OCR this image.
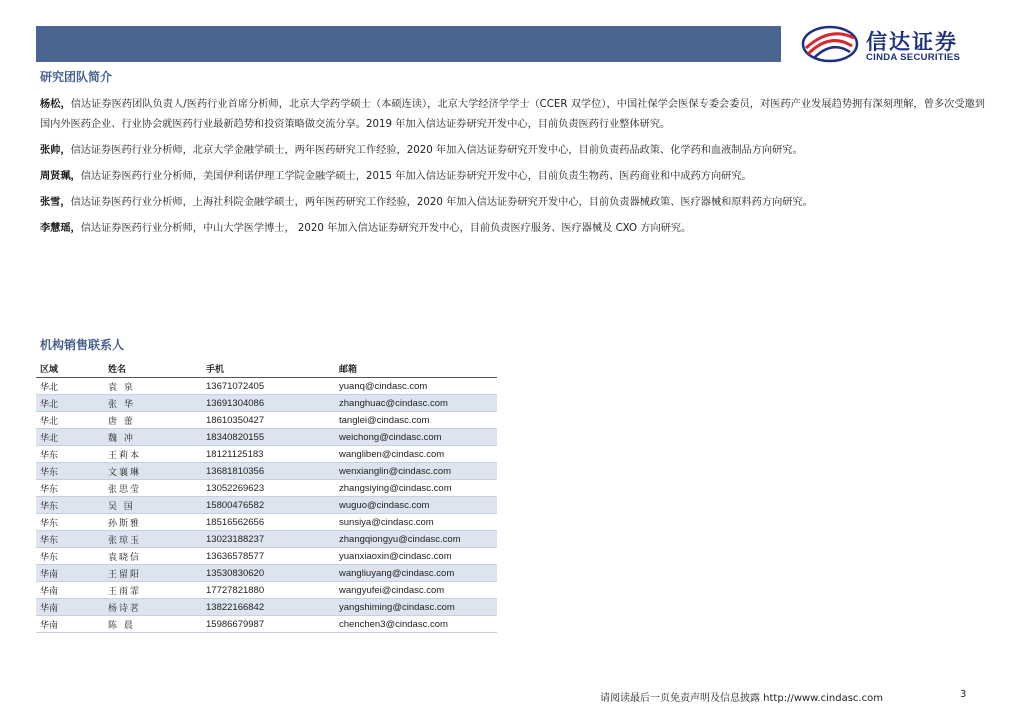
信达证券
CINDA SECURITIES
研究团队简介
杨松，信达证券医药团队负责人/医药行业首席分析师，北京大学药学硕士（本硕连读），北京大学经济学学士（CCER 双学位），中国社保学会医保专委会委员，对医药产业发展趋势拥有深刻理解，曾多次受邀到国内外医药企业、行业协会就医药行业最新趋势和投资策略做交流分享。2019 年加入信达证券研究开发中心，目前负责医药行业整体研究。
张帅，信达证券医药行业分析师，北京大学金融学硕士，两年医药研究工作经验，2020 年加入信达证券研究开发中心，目前负责药品政策、化学药和血液制品方向研究。
周贤珮，信达证券医药行业分析师，美国伊利诺伊理工学院金融学硕士，2015 年加入信达证券研究开发中心，目前负责生物药、医药商业和中成药方向研究。
张雪，信达证券医药行业分析师，上海社科院金融学硕士，两年医药研究工作经验，2020 年加入信达证券研究开发中心，目前负责器械政策、医疗器械和原料药方向研究。
李慧瑶，信达证券医药行业分析师，中山大学医学博士， 2020 年加入信达证券研究开发中心，目前负责医疗服务、医疗器械及 CXO 方向研究。
机构销售联系人
区域	姓名	手机	邮箱
华北	袁 泉	13671072405	yuanq@cindasc.com
华北	张 华	13691304086	zhanghuac@cindasc.com
华北	唐 蕾	18610350427	tanglei@cindasc.com
华北	魏 冲	18340820155	weichong@cindasc.com
华东	王莉本	18121125183	wangliben@cindasc.com
华东	文襄琳	13681810356	wenxianglin@cindasc.com
华东	张思莹	13052269623	zhangsiying@cindasc.com
华东	吴 国	15800476582	wuguo@cindasc.com
华东	孙斯雅	18516562656	sunsiya@cindasc.com
华东	张琼玉	13023188237	zhangqiongyu@cindasc.com
华东	袁晓信	13636578577	yuanxiaoxin@cindasc.com
华南	王留阳	13530830620	wangliuyang@cindasc.com
华南	王雨霏	17727821880	wangyufei@cindasc.com
华南	杨诗茗	13822166842	yangshiming@cindasc.com
华南	陈 晨	15986679987	chenchen3@cindasc.com
请阅读最后一页免责声明及信息披露 http://www.cindasc.com	3
